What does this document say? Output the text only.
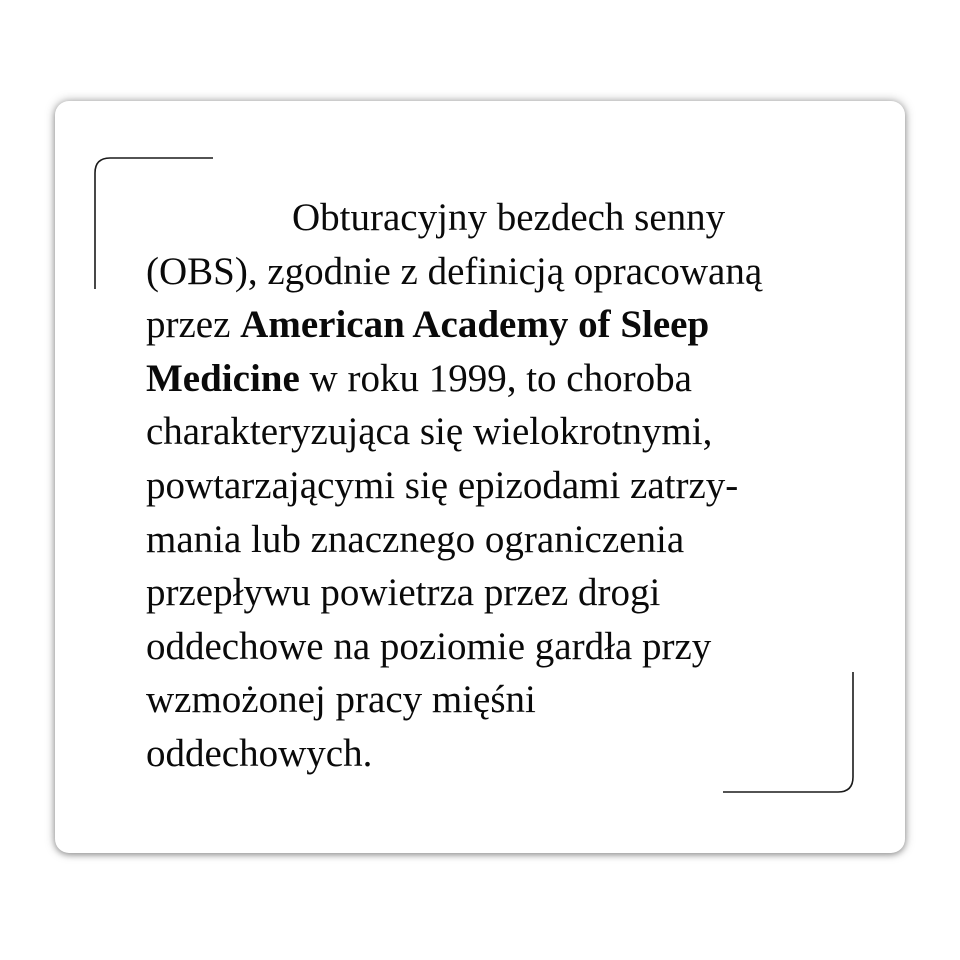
Obturacyjny bezdech senny
(OBS), zgodnie z definicją opracowaną
przez American Academy of Sleep
Medicine w roku 1999, to choroba
charakteryzująca się wielokrotnymi,
powtarzającymi się epizodami zatrzy-
mania lub znacznego ograniczenia
przepływu powietrza przez drogi
oddechowe na poziomie gardła przy
wzmożonej pracy mięśni
oddechowych.
